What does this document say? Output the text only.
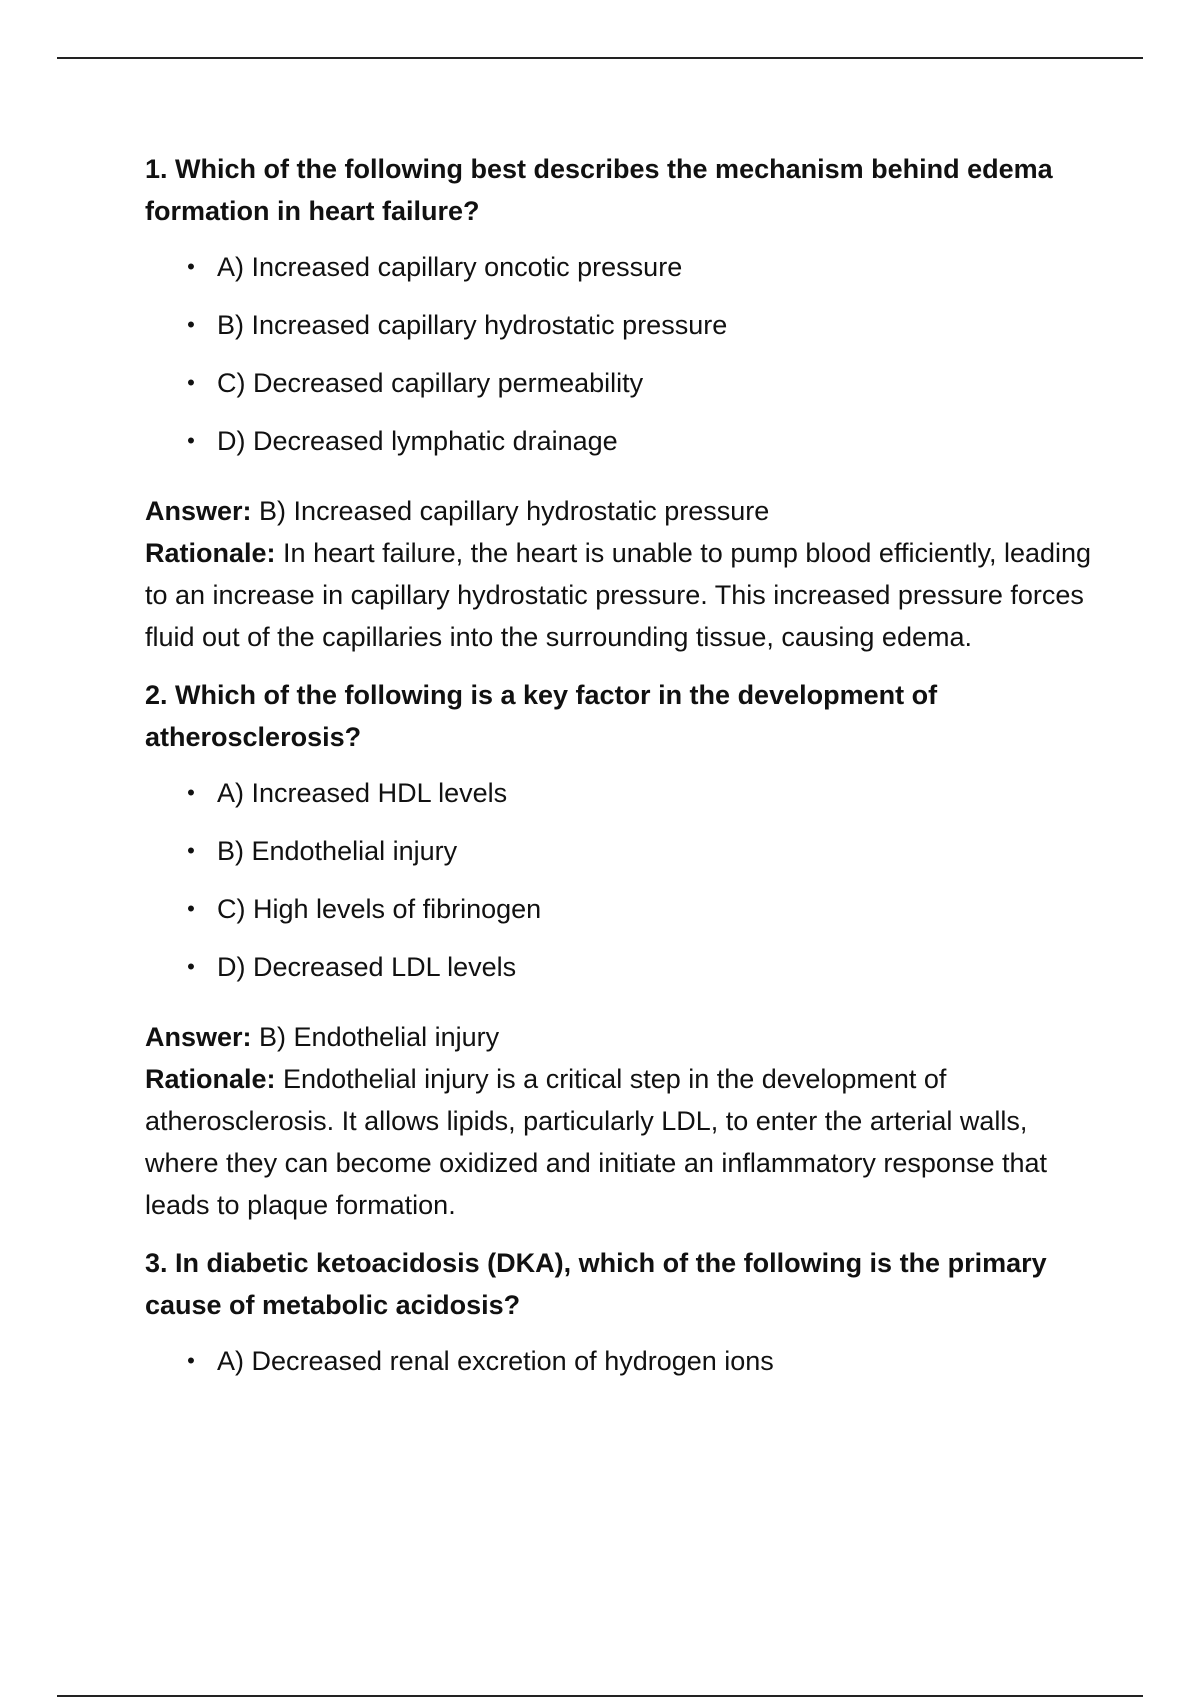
1. Which of the following best describes the mechanism behind edema formation in heart failure?

• A) Increased capillary oncotic pressure
• B) Increased capillary hydrostatic pressure
• C) Decreased capillary permeability
• D) Decreased lymphatic drainage

Answer: B) Increased capillary hydrostatic pressure

Rationale: In heart failure, the heart is unable to pump blood efficiently, leading to an increase in capillary hydrostatic pressure. This increased pressure forces fluid out of the capillaries into the surrounding tissue, causing edema.

2. Which of the following is a key factor in the development of atherosclerosis?

• A) Increased HDL levels
• B) Endothelial injury
• C) High levels of fibrinogen
• D) Decreased LDL levels

Answer: B) Endothelial injury

Rationale: Endothelial injury is a critical step in the development of atherosclerosis. It allows lipids, particularly LDL, to enter the arterial walls, where they can become oxidized and initiate an inflammatory response that leads to plaque formation.

3. In diabetic ketoacidosis (DKA), which of the following is the primary cause of metabolic acidosis?

• A) Decreased renal excretion of hydrogen ions
